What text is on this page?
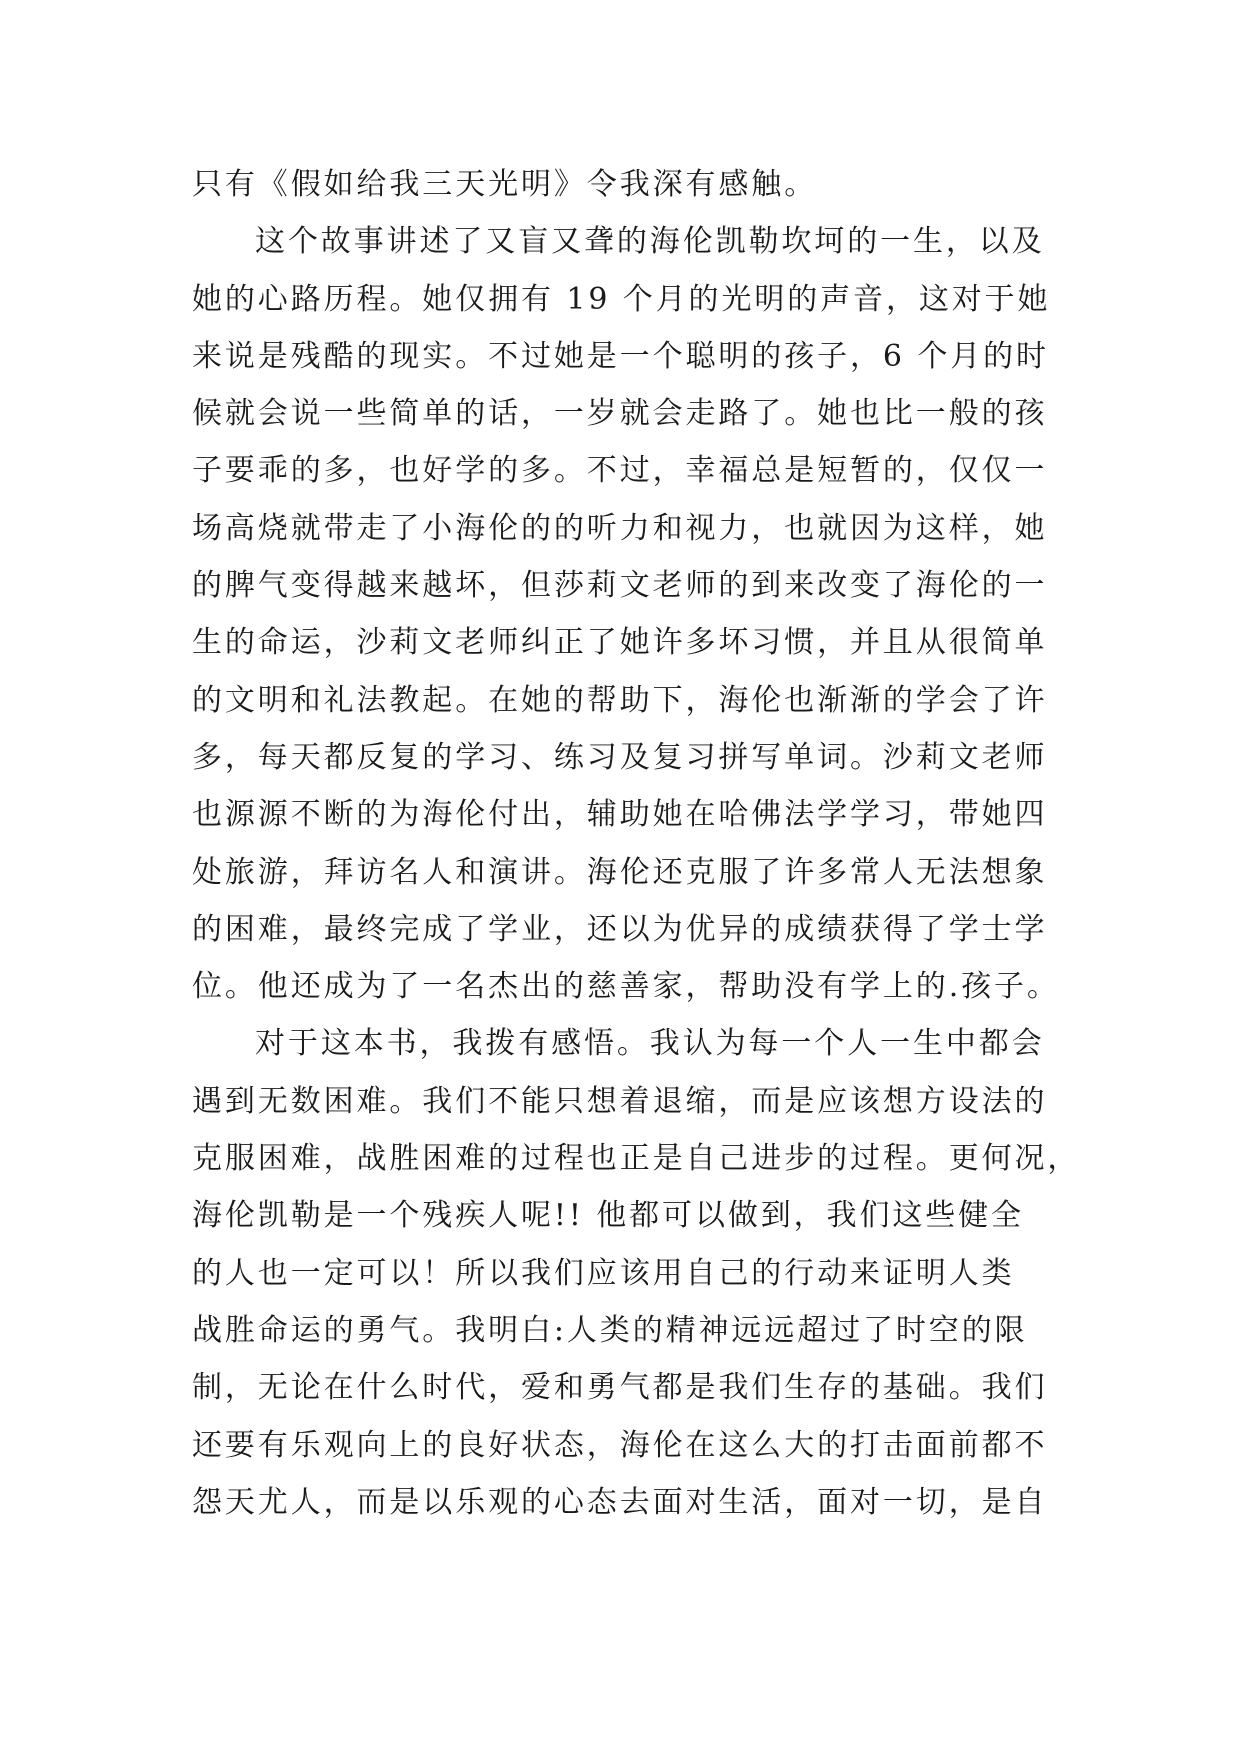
只有《假如给我三天光明》令我深有感触。
这个故事讲述了又盲又聋的海伦凯勒坎坷的一生，以及
她的心路历程。她仅拥有 19 个月的光明的声音，这对于她
来说是残酷的现实。不过她是一个聪明的孩子，6 个月的时
候就会说一些简单的话，一岁就会走路了。她也比一般的孩
子要乖的多，也好学的多。不过，幸福总是短暂的，仅仅一
场高烧就带走了小海伦的的听力和视力，也就因为这样，她
的脾气变得越来越坏，但莎莉文老师的到来改变了海伦的一
生的命运，沙莉文老师纠正了她许多坏习惯，并且从很简单
的文明和礼法教起。在她的帮助下，海伦也渐渐的学会了许
多，每天都反复的学习、练习及复习拼写单词。沙莉文老师
也源源不断的为海伦付出，辅助她在哈佛法学学习，带她四
处旅游，拜访名人和演讲。海伦还克服了许多常人无法想象
的困难，最终完成了学业，还以为优异的成绩获得了学士学
位。他还成为了一名杰出的慈善家，帮助没有学上的.孩子。
对于这本书，我拨有感悟。我认为每一个人一生中都会
遇到无数困难。我们不能只想着退缩，而是应该想方设法的
克服困难，战胜困难的过程也正是自己进步的过程。更何况，
海伦凯勒是一个残疾人呢!! 他都可以做到，我们这些健全
的人也一定可以！所以我们应该用自己的行动来证明人类
战胜命运的勇气。我明白:人类的精神远远超过了时空的限
制，无论在什么时代，爱和勇气都是我们生存的基础。我们
还要有乐观向上的良好状态，海伦在这么大的打击面前都不
怨天尤人，而是以乐观的心态去面对生活，面对一切，是自
